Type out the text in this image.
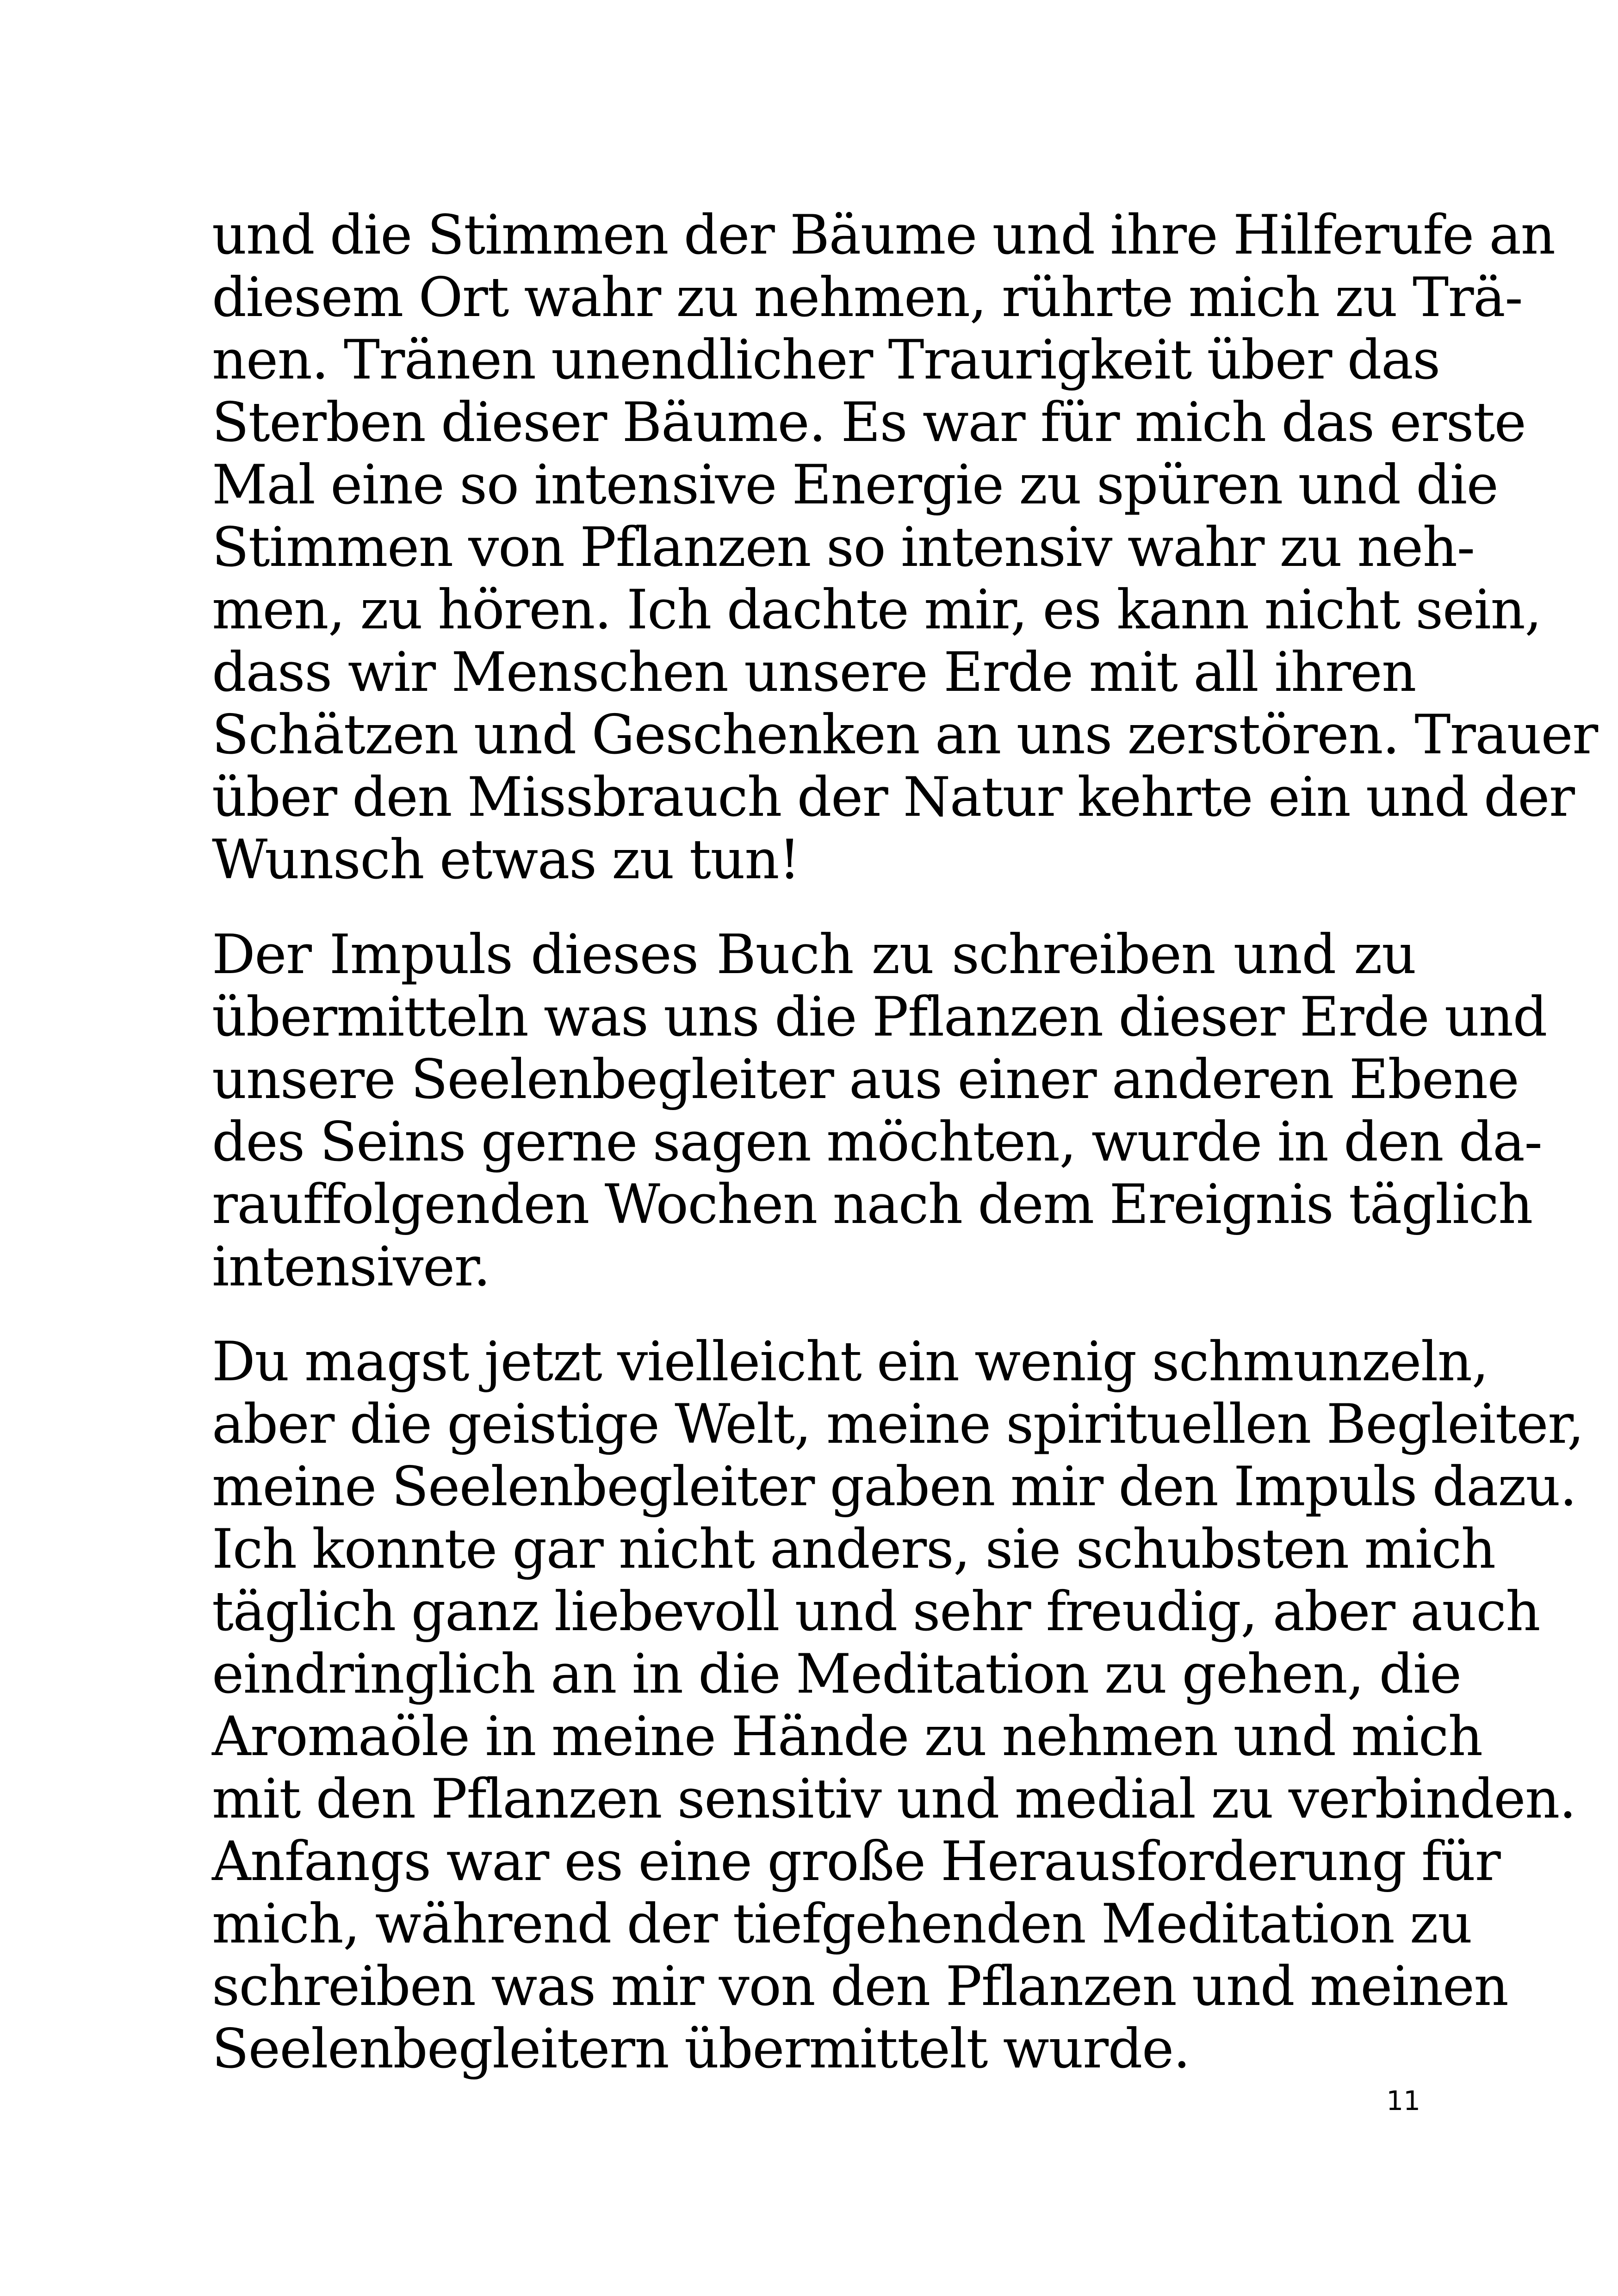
und die Stimmen der Bäume und ihre Hilferufe an
diesem Ort wahr zu nehmen, rührte mich zu Trä-
nen. Tränen unendlicher Traurigkeit über das
Sterben dieser Bäume. Es war für mich das erste
Mal eine so intensive Energie zu spüren und die
Stimmen von Pflanzen so intensiv wahr zu neh-
men, zu hören. Ich dachte mir, es kann nicht sein,
dass wir Menschen unsere Erde mit all ihren
Schätzen und Geschenken an uns zerstören. Trauer
über den Missbrauch der Natur kehrte ein und der
Wunsch etwas zu tun!
Der Impuls dieses Buch zu schreiben und zu
übermitteln was uns die Pflanzen dieser Erde und
unsere Seelenbegleiter aus einer anderen Ebene
des Seins gerne sagen möchten, wurde in den da-
rauffolgenden Wochen nach dem Ereignis täglich
intensiver.
Du magst jetzt vielleicht ein wenig schmunzeln,
aber die geistige Welt, meine spirituellen Begleiter,
meine Seelenbegleiter gaben mir den Impuls dazu.
Ich konnte gar nicht anders, sie schubsten mich
täglich ganz liebevoll und sehr freudig, aber auch
eindringlich an in die Meditation zu gehen, die
Aromaöle in meine Hände zu nehmen und mich
mit den Pflanzen sensitiv und medial zu verbinden.
Anfangs war es eine große Herausforderung für
mich, während der tiefgehenden Meditation zu
schreiben was mir von den Pflanzen und meinen
Seelenbegleitern übermittelt wurde.
11
